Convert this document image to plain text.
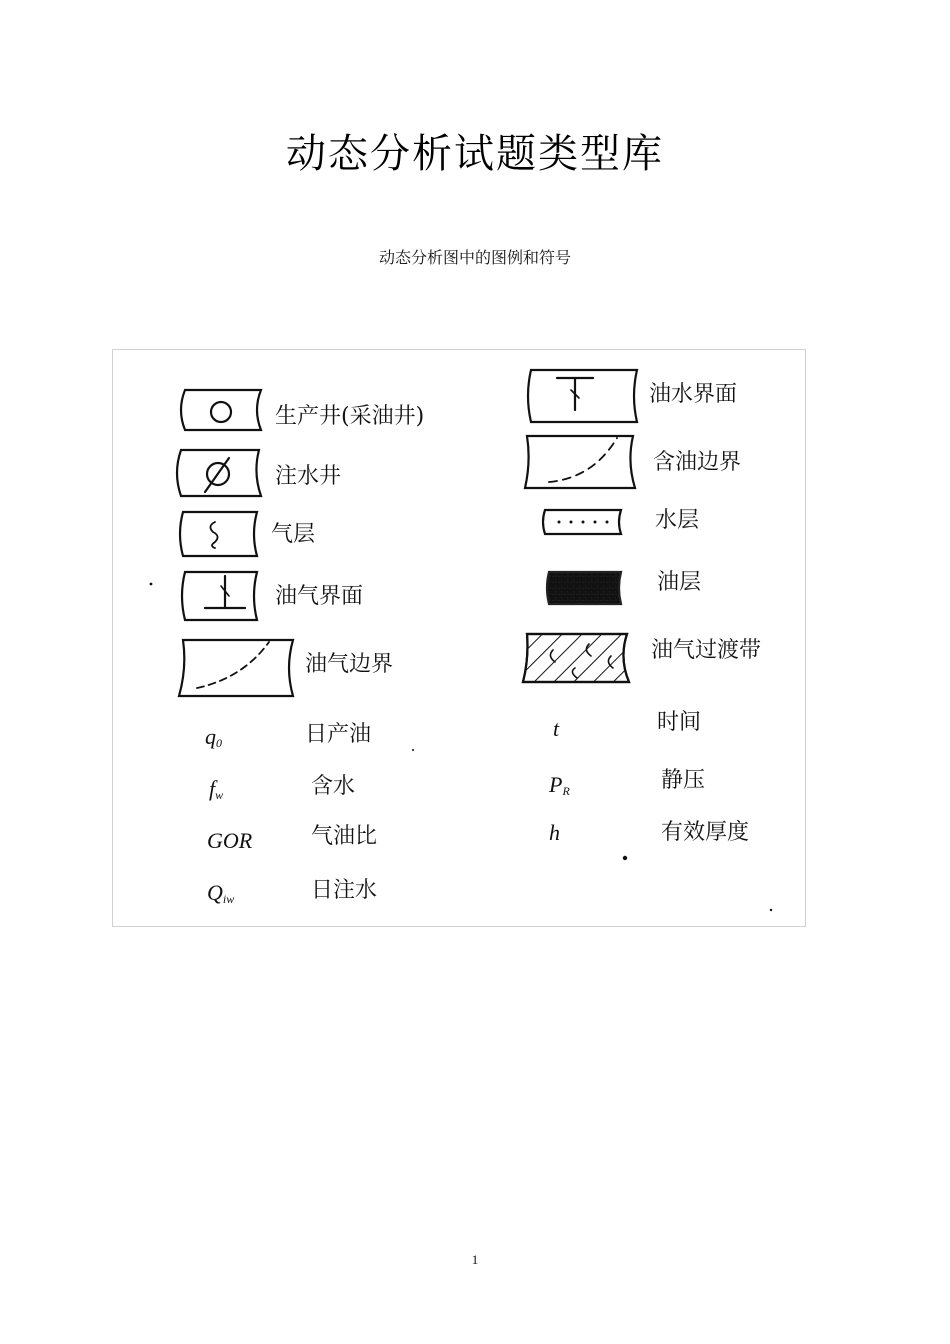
动态分析试题类型库
动态分析图中的图例和符号
生产井(采油井)
注水井
气层
油气界面
油气边界
油水界面
含油边界
水层
油层
油气过渡带
$q_0$	日产油
$f_w$	含水
GOR	气油比
$Q_{iw}$	日注水
t	时间
$P_R$	静压
h	有效厚度
1
